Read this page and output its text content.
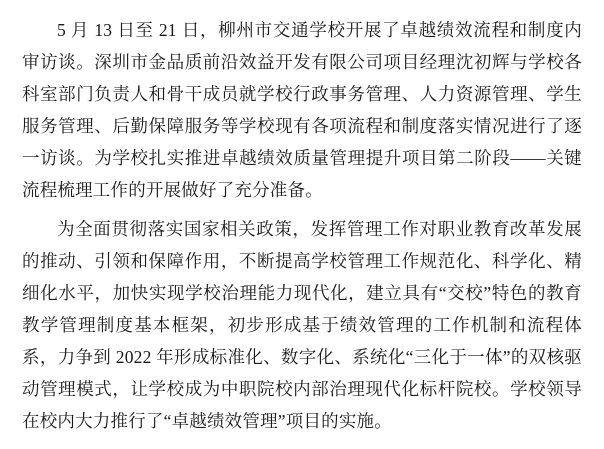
5 月 13 日至 21 日，柳州市交通学校开展了卓越绩效流程和制度内审访谈。深圳市金品质前沿效益开发有限公司项目经理沈初辉与学校各科室部门负责人和骨干成员就学校行政事务管理、人力资源管理、学生服务管理、后勤保障服务等学校现有各项流程和制度落实情况进行了逐一访谈。为学校扎实推进卓越绩效质量管理提升项目第二阶段——关键流程梳理工作的开展做好了充分准备。

为全面贯彻落实国家相关政策，发挥管理工作对职业教育改革发展的推动、引领和保障作用，不断提高学校管理工作规范化、科学化、精细化水平，加快实现学校治理能力现代化，建立具有“交校”特色的教育教学管理制度基本框架，初步形成基于绩效管理的工作机制和流程体系，力争到 2022 年形成标准化、数字化、系统化“三化于一体”的双核驱动管理模式，让学校成为中职院校内部治理现代化标杆院校。学校领导在校内大力推行了“卓越绩效管理”项目的实施。
